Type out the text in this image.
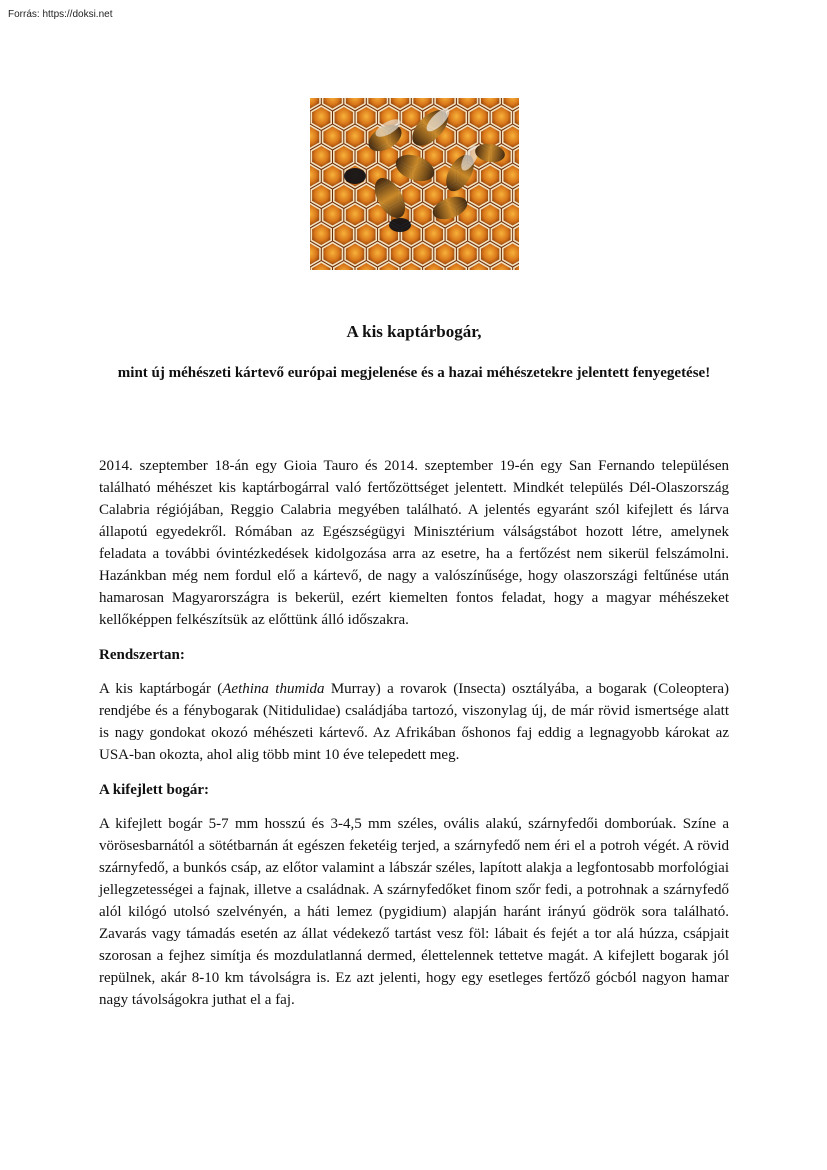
Forrás: https://doksi.net
A kis kaptárbogár,
mint új méhészeti kártevő európai megjelenése és a hazai méhészetekre jelentett fenyegetése!

2014. szeptember 18-án egy Gioia Tauro és 2014. szeptember 19-én egy San Fernando településen található méhészet kis kaptárbogárral való fertőzöttséget jelentett. Mindkét település Dél-Olaszország Calabria régiójában, Reggio Calabria megyében található. A jelentés egyaránt szól kifejlett és lárva állapotú egyedekről. Rómában az Egészségügyi Minisztérium válságstábot hozott létre, amelynek feladata a további óvintézkedések kidolgozása arra az esetre, ha a fertőzést nem sikerül felszámolni. Hazánkban még nem fordul elő a kártevő, de nagy a valószínűsége, hogy olaszországi feltűnése után hamarosan Magyarországra is bekerül, ezért kiemelten fontos feladat, hogy a magyar méhészeket kellőképpen felkészítsük az előttünk álló időszakra.

Rendszertan:

A kis kaptárbogár (Aethina thumida Murray) a rovarok (Insecta) osztályába, a bogarak (Coleoptera) rendjébe és a fénybogarak (Nitidulidae) családjába tartozó, viszonylag új, de már rövid ismertsége alatt is nagy gondokat okozó méhészeti kártevő. Az Afrikában őshonos faj eddig a legnagyobb károkat az USA-ban okozta, ahol alig több mint 10 éve telepedett meg.

A kifejlett bogár:

A kifejlett bogár 5-7 mm hosszú és 3-4,5 mm széles, ovális alakú, szárnyfedői domborúak. Színe a vörösesbarnától a sötétbarnán át egészen feketéig terjed, a szárnyfedő nem éri el a potroh végét. A rövid szárnyfedő, a bunkós csáp, az előtor valamint a lábszár széles, lapított alakja a legfontosabb morfológiai jellegzetességei a fajnak, illetve a családnak. A szárnyfedőket finom szőr fedi, a potrohnak a szárnyfedő alól kilógó utolsó szelvényén, a háti lemez (pygidium) alapján haránt irányú gödrök sora található. Zavarás vagy támadás esetén az állat védekező tartást vesz föl: lábait és fejét a tor alá húzza, csápjait szorosan a fejhez simítja és mozdulatlanná dermed, élettelennek tettetve magát. A kifejlett bogarak jól repülnek, akár 8-10 km távolságra is. Ez azt jelenti, hogy egy esetleges fertőző gócból nagyon hamar nagy távolságokra juthat el a faj.
